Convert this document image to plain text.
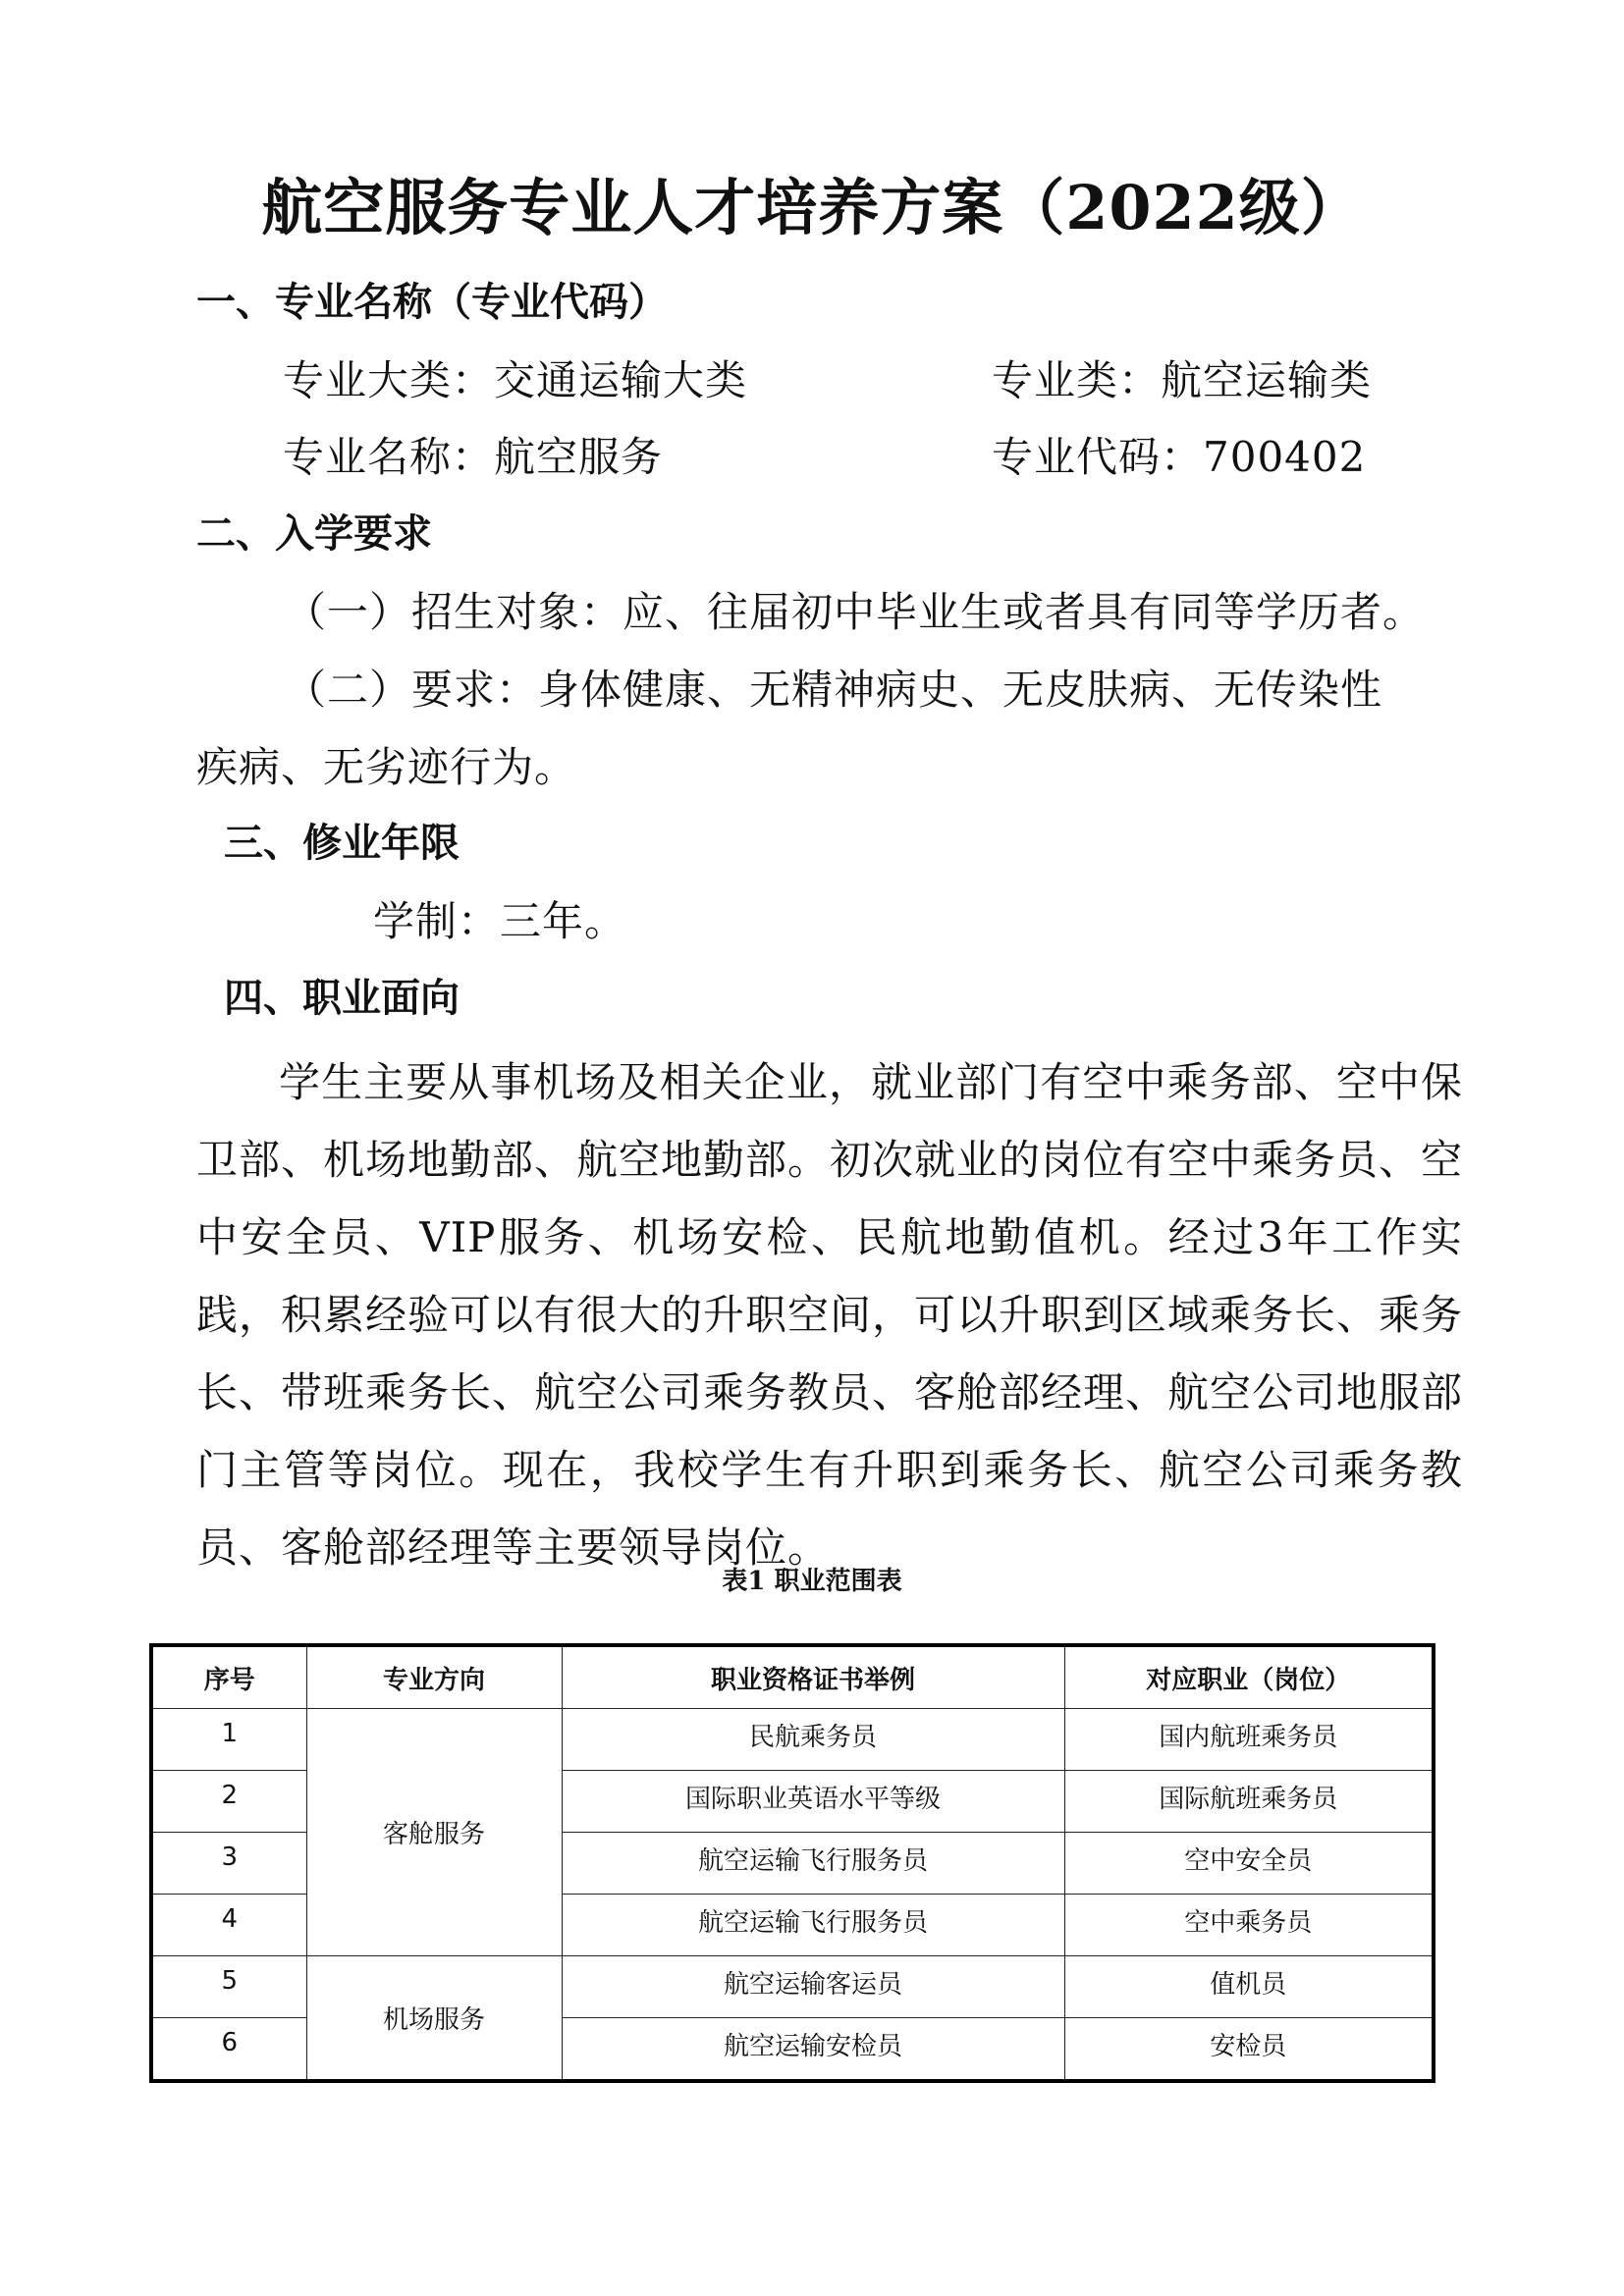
航空服务专业人才培养方案（2022级）
一、专业名称（专业代码）
专业大类：交通运输大类	专业类：航空运输类
专业名称：航空服务	专业代码：700402
二、入学要求
（一）招生对象：应、往届初中毕业生或者具有同等学历者。
（二）要求：身体健康、无精神病史、无皮肤病、无传染性
疾病、无劣迹行为。
三、修业年限
学制：三年。
四、职业面向
学生主要从事机场及相关企业，就业部门有空中乘务部、空中保卫部、机场地勤部、航空地勤部。初次就业的岗位有空中乘务员、空中安全员、VIP服务、机场安检、民航地勤值机。经过3年工作实践，积累经验可以有很大的升职空间，可以升职到区域乘务长、乘务长、带班乘务长、航空公司乘务教员、客舱部经理、航空公司地服部门主管等岗位。现在，我校学生有升职到乘务长、航空公司乘务教员、客舱部经理等主要领导岗位。
表1 职业范围表
序号	专业方向	职业资格证书举例	对应职业（岗位）
1	客舱服务	民航乘务员	国内航班乘务员
2		国际职业英语水平等级	国际航班乘务员
3		航空运输飞行服务员	空中安全员
4		航空运输飞行服务员	空中乘务员
5	机场服务	航空运输客运员	值机员
6		航空运输安检员	安检员
